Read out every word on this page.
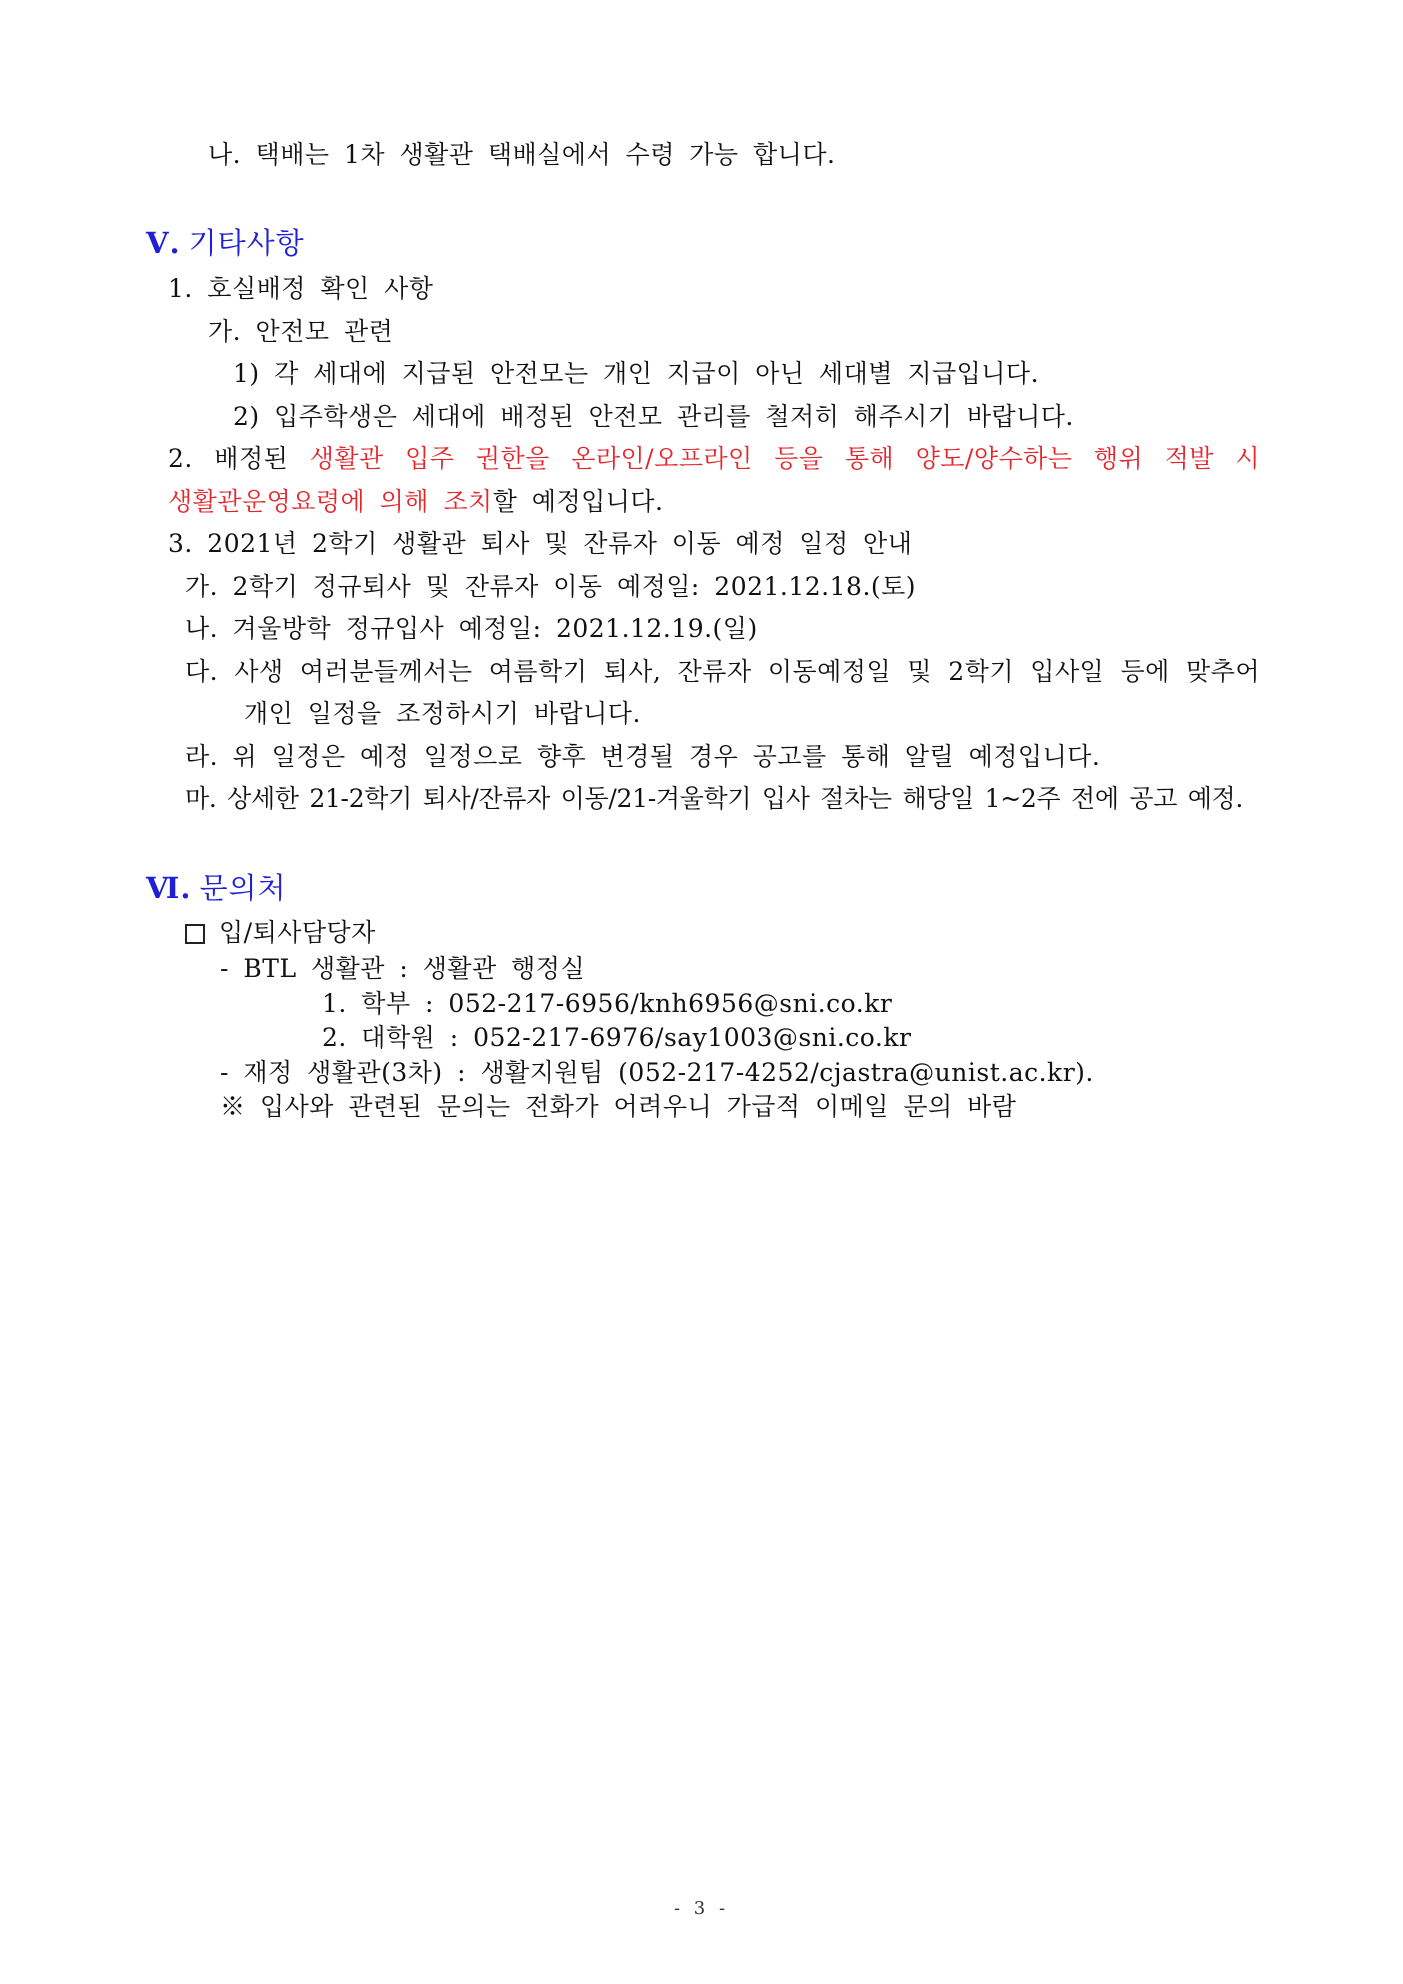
나. 택배는 1차 생활관 택배실에서 수령 가능 합니다.
Ⅴ. 기타사항
1. 호실배정 확인 사항
가. 안전모 관련
1) 각 세대에 지급된 안전모는 개인 지급이 아닌 세대별 지급입니다.
2) 입주학생은 세대에 배정된 안전모 관리를 철저히 해주시기 바랍니다.
2. 배정된 생활관 입주 권한을 온라인/오프라인 등을 통해 양도/양수하는 행위 적발 시
생활관운영요령에 의해 조치할 예정입니다.
3. 2021년 2학기 생활관 퇴사 및 잔류자 이동 예정 일정 안내
가. 2학기 정규퇴사 및 잔류자 이동 예정일: 2021.12.18.(토)
나. 겨울방학 정규입사 예정일: 2021.12.19.(일)
다. 사생 여러분들께서는 여름학기 퇴사, 잔류자 이동예정일 및 2학기 입사일 등에 맞추어
개인 일정을 조정하시기 바랍니다.
라. 위 일정은 예정 일정으로 향후 변경될 경우 공고를 통해 알릴 예정입니다.
마. 상세한 21-2학기 퇴사/잔류자 이동/21-겨울학기 입사 절차는 해당일 1~2주 전에 공고 예정.
Ⅵ. 문의처
입/퇴사담당자
- BTL 생활관 : 생활관 행정실
1. 학부 : 052-217-6956/knh6956@sni.co.kr
2. 대학원 : 052-217-6976/say1003@sni.co.kr
- 재정 생활관(3차) : 생활지원팀 (052-217-4252/cjastra@unist.ac.kr).
※ 입사와 관련된 문의는 전화가 어려우니 가급적 이메일 문의 바람
- 3 -
